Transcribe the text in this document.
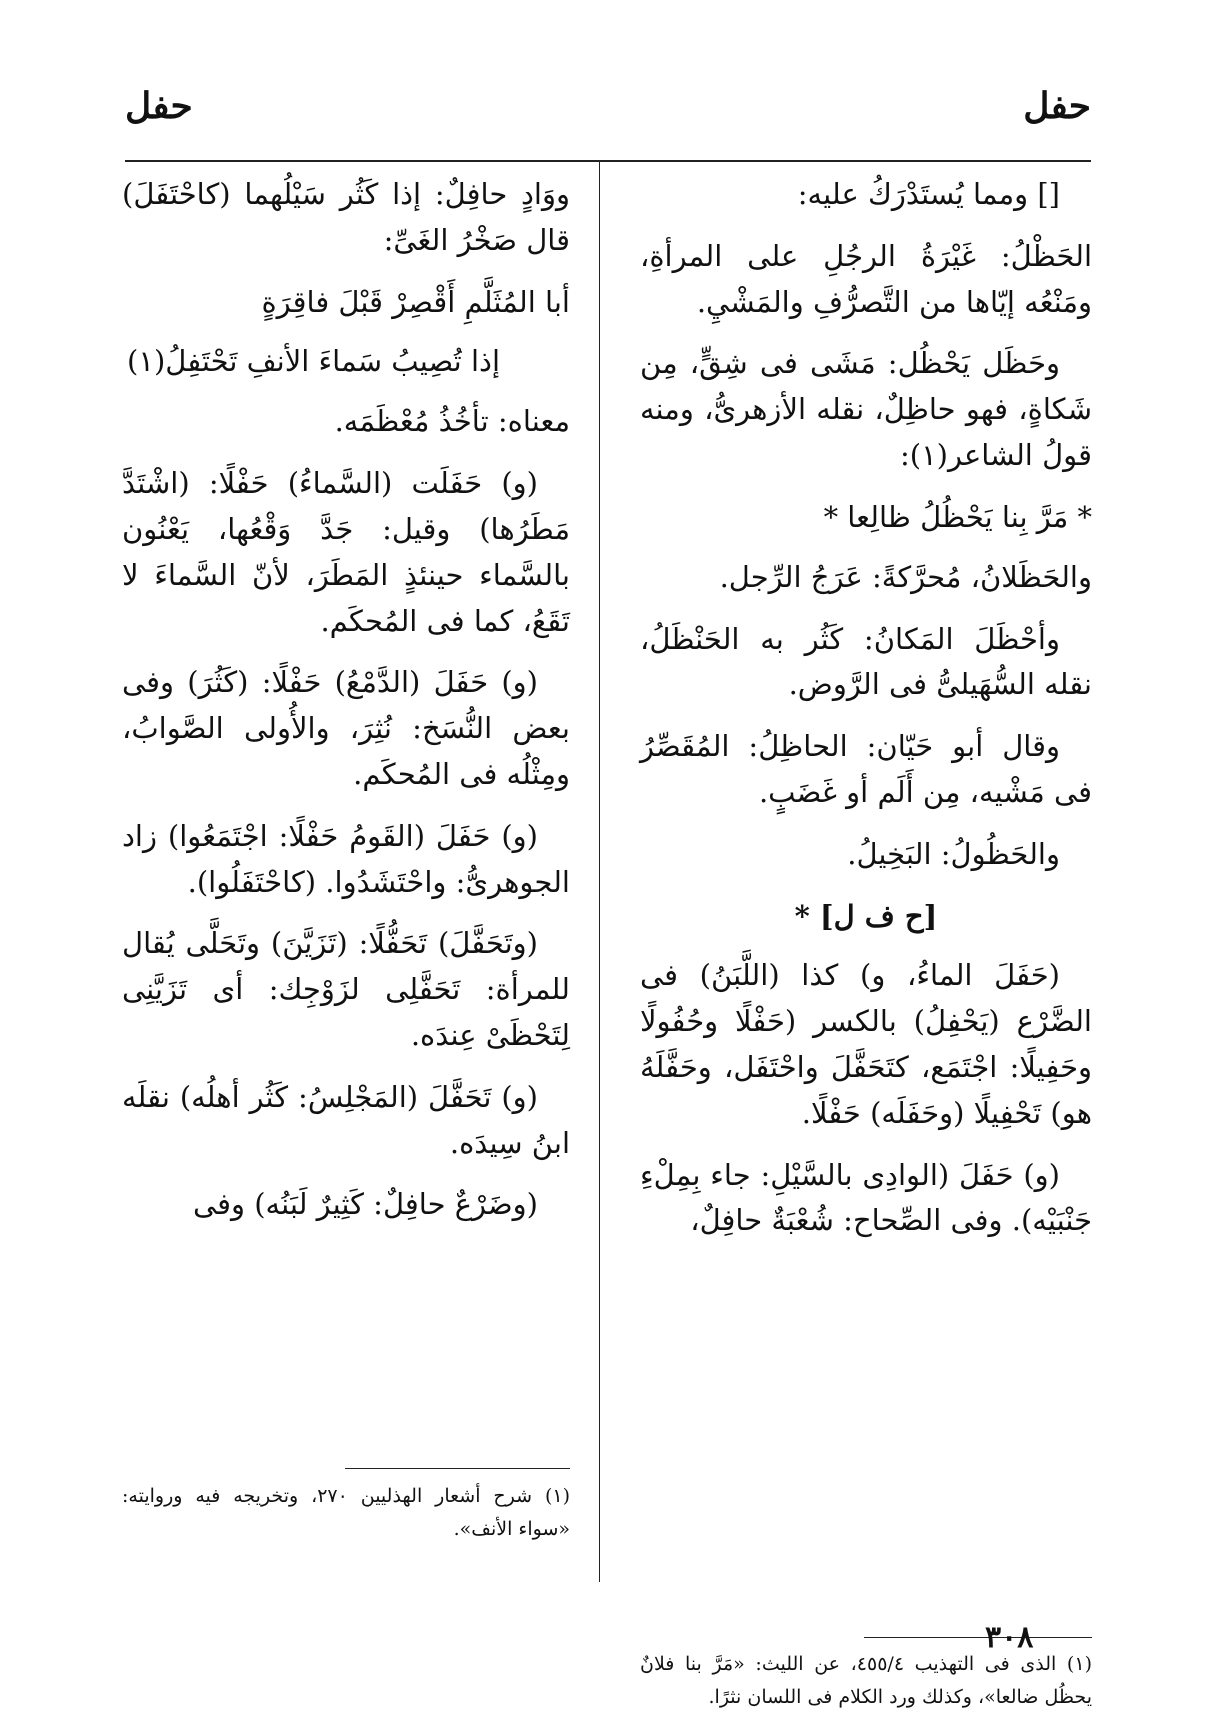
حفل
حفل

[] ومما يُستَدْرَكُ عليه:

الحَظْلُ: غَيْرَةُ الرجُلِ على المرأةِ، ومَنْعُه إيّاها من التَّصرُّفِ والمَشْيِ.

وحَظَل يَحْظُل: مَشَى فى شِقٍّ، مِن شَكاةٍ، فهو حاظِلٌ، نقله الأزهرىُّ، ومنه قولُ الشاعر(١):

* مَرَّ بِنا يَحْظُلُ ظالِعا *

والحَظَلانُ، مُحرَّكةً: عَرَجُ الرِّجل.

وأحْظَلَ المَكانُ: كَثُر به الحَنْظَلُ، نقله السُّهَيلىُّ فى الرَّوض.

وقال أبو حَيّان: الحاظِلُ: المُقَصِّرُ فى مَشْيه، مِن أَلَم أو غَضَبٍ.

والحَظُولُ: البَخِيلُ.

[ح ف ل] *

(حَفَلَ الماءُ، و) كذا (اللَّبَنُ) فى الضَّرْع (يَحْفِلُ) بالكسر (حَفْلًا وحُفُولًا وحَفِيلًا: اجْتَمَع، كتَحَفَّلَ واحْتَفَل، وحَفَّلَهُ هو) تَحْفِيلًا (وحَفَلَه) حَفْلًا.

(و) حَفَلَ (الوادِى بالسَّيْلِ: جاء بِمِلْءِ جَنْبَيْه). وفى الصِّحاح: شُعْبَةٌ حافِلٌ،

(١) الذى فى التهذيب ٤٥٥/٤، عن الليث: «مَرَّ بنا فلانٌ يحظُل ضالعا»، وكذلك ورد الكلام فى اللسان نثرًا.

ووَادٍ حافِلٌ: إذا كَثُر سَيْلُهما (كاحْتَفَلَ) قال صَخْرُ الغَىِّ:

أبا المُثَلَّمِ أَقْصِرْ قَبْلَ فاقِرَةٍ

إذا تُصِيبُ سَماءَ الأنفِ تَحْتَفِلُ(١)

معناه: تأخُذُ مُعْظَمَه.

(و) حَفَلَت (السَّماءُ) حَفْلًا: (اشْتَدَّ مَطَرُها) وقيل: جَدَّ وَقْعُها، يَعْنُون بالسَّماء حينئذٍ المَطَرَ، لأنّ السَّماءَ لا تَقَعُ، كما فى المُحكَم.

(و) حَفَلَ (الدَّمْعُ) حَفْلًا: (كَثُرَ) وفى بعض النُّسَخ: نُثِرَ، والأُولى الصَّوابُ، ومِثْلُه فى المُحكَم.

(و) حَفَلَ (القَومُ حَفْلًا: اجْتَمَعُوا) زاد الجوهرىُّ: واحْتَشَدُوا. (كاحْتَفَلُوا).

(وتَحَفَّلَ) تَحَفُّلًا: (تَزَيَّنَ) وتَحَلَّى يُقال للمرأة: تَحَفَّلِى لزَوْجِك: أى تَزَيَّنِى لِتَحْظَىْ عِندَه.

(و) تَحَفَّلَ (المَجْلِسُ: كَثُر أهلُه) نقلَه ابنُ سِيدَه.

(وضَرْعٌ حافِلٌ: كَثِيرٌ لَبَنُه) وفى

(١) شرح أشعار الهذليين ٢٧٠، وتخريجه فيه وروايته: «سواء الأنف».
٣٠٨
